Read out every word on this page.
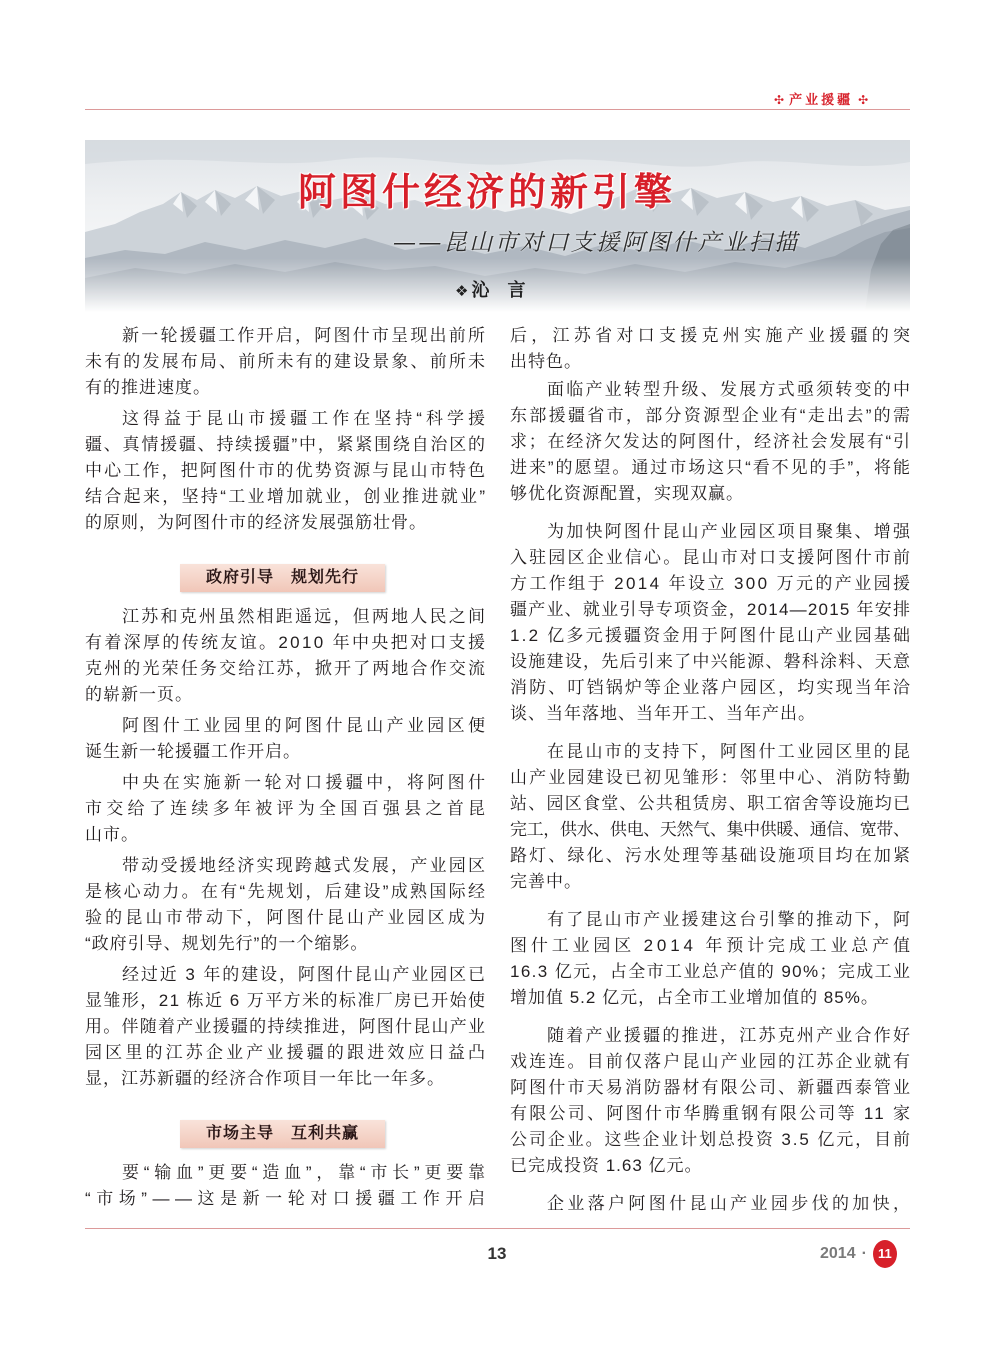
✣
产业援疆
✣
阿图什经济的新引擎
——昆山市对口支援阿图什产业扫描
❖
沁　言
新一轮援疆工作开启，阿图什市呈现出前所
未有的发展布局、前所未有的建设景象、前所未
有的推进速度。
这得益于昆山市援疆工作在坚持“科学援
疆、真情援疆、持续援疆”中，紧紧围绕自治区的
中心工作，把阿图什市的优势资源与昆山市特色
结合起来，坚持“工业增加就业，创业推进就业”
的原则，为阿图什市的经济发展强筋壮骨。
政府引导　规划先行
江苏和克州虽然相距遥远，但两地人民之间
有着深厚的传统友谊。2010 年中央把对口支援
克州的光荣任务交给江苏，掀开了两地合作交流
的崭新一页。
阿图什工业园里的阿图什昆山产业园区便
诞生新一轮援疆工作开启。
中央在实施新一轮对口援疆中，将阿图什
市交给了连续多年被评为全国百强县之首昆
山市。
带动受援地经济实现跨越式发展，产业园区
是核心动力。在有“先规划，后建设”成熟国际经
验的昆山市带动下，阿图什昆山产业园区成为
“政府引导、规划先行”的一个缩影。
经过近 3 年的建设，阿图什昆山产业园区已
显雏形，21 栋近 6 万平方米的标准厂房已开始使
用。伴随着产业援疆的持续推进，阿图什昆山产业
园区里的江苏企业产业援疆的跟进效应日益凸
显，江苏新疆的经济合作项目一年比一年多。
市场主导　互利共赢
要“输血”更要“造血”，靠“市长”更要靠
“市场”——这是新一轮对口援疆工作开启
后，江苏省对口支援克州实施产业援疆的突
出特色。
面临产业转型升级、发展方式亟须转变的中
东部援疆省市，部分资源型企业有“走出去”的需
求；在经济欠发达的阿图什，经济社会发展有“引
进来”的愿望。通过市场这只“看不见的手”，将能
够优化资源配置，实现双赢。
为加快阿图什昆山产业园区项目聚集、增强
入驻园区企业信心。昆山市对口支援阿图什市前
方工作组于 2014 年设立 300 万元的产业园援
疆产业、就业引导专项资金，2014—2015 年安排
1.2 亿多元援疆资金用于阿图什昆山产业园基础
设施建设，先后引来了中兴能源、磐科涂料、天意
消防、叮铛锅炉等企业落户园区，均实现当年洽
谈、当年落地、当年开工、当年产出。
在昆山市的支持下，阿图什工业园区里的昆
山产业园建设已初见雏形：邻里中心、消防特勤
站、园区食堂、公共租赁房、职工宿舍等设施均已
完工，供水、供电、天然气、集中供暖、通信、宽带、
路灯、绿化、污水处理等基础设施项目均在加紧
完善中。
有了昆山市产业援建这台引擎的推动下，阿
图什工业园区 2014 年预计完成工业总产值
16.3 亿元，占全市工业总产值的 90%；完成工业
增加值 5.2 亿元，占全市工业增加值的 85%。
随着产业援疆的推进，江苏克州产业合作好
戏连连。目前仅落户昆山产业园的江苏企业就有
阿图什市天易消防器材有限公司、新疆西泰管业
有限公司、阿图什市华腾重钢有限公司等 11 家
公司企业。这些企业计划总投资 3.5 亿元，目前
已完成投资 1.63 亿元。
企业落户阿图什昆山产业园步伐的加快，
13	2014 · 11
